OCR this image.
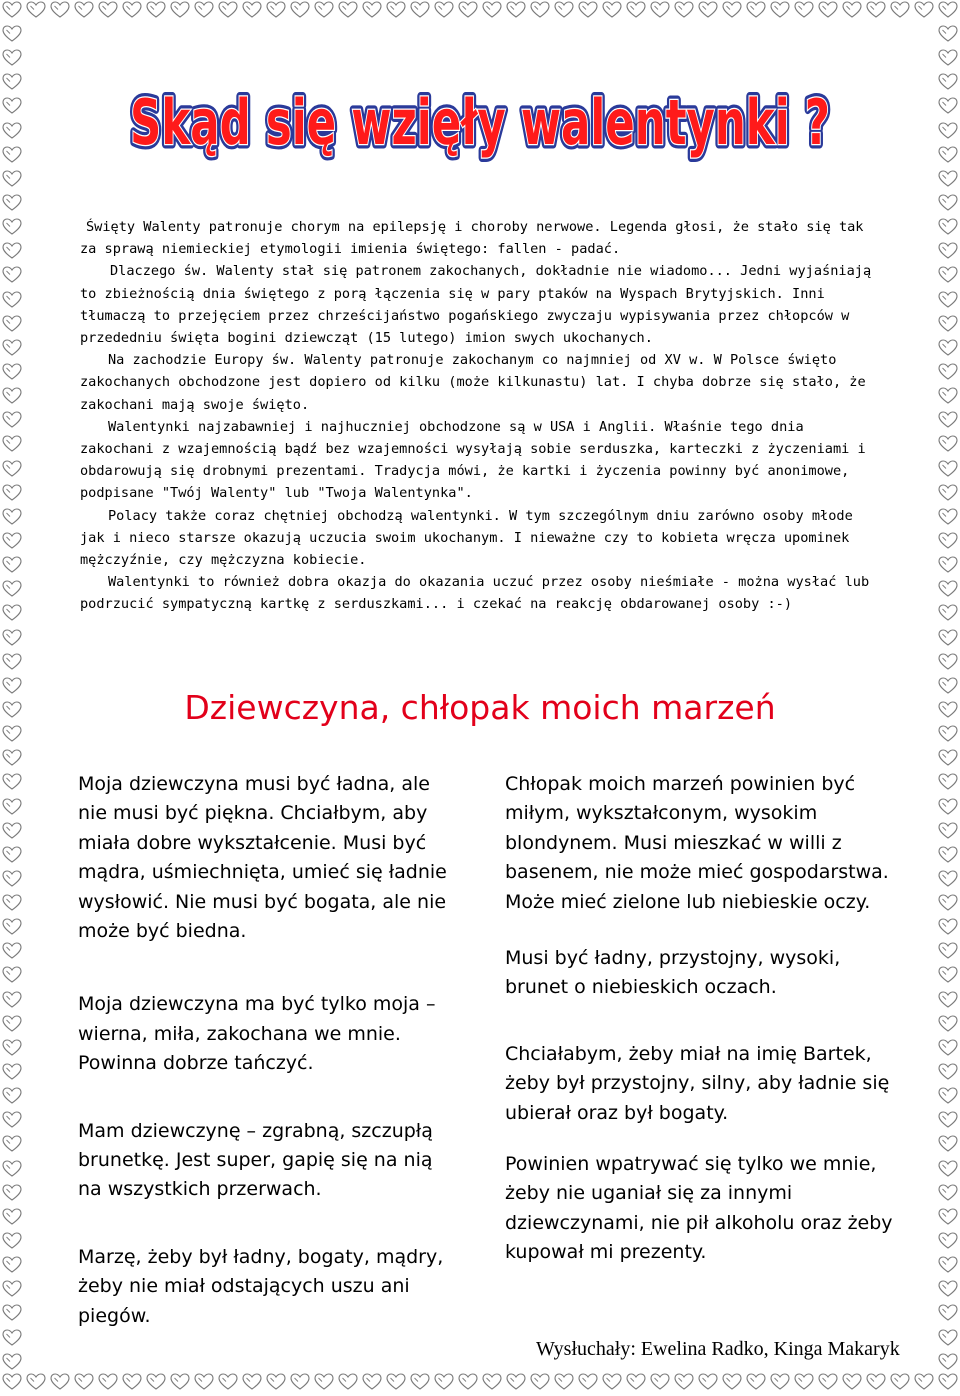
Skąd się wzięły walentynki ?
Skąd się wzięły walentynki ?

Święty Walenty patronuje chorym na epilepsję i choroby nerwowe. Legenda głosi, że stało się tak za sprawą niemieckiej etymologii imienia świętego: fallen - padać.

Dlaczego św. Walenty stał się patronem zakochanych, dokładnie nie wiadomo... Jedni wyjaśniają to zbieżnością dnia świętego z porą łączenia się w pary ptaków na Wyspach Brytyjskich. Inni tłumaczą to przejęciem przez chrześcijaństwo pogańskiego zwyczaju wypisywania przez chłopców w przededniu święta bogini dziewcząt (15 lutego) imion swych ukochanych.

Na zachodzie Europy św. Walenty patronuje zakochanym co najmniej od XV w. W Polsce święto zakochanych obchodzone jest dopiero od kilku (może kilkunastu) lat. I chyba dobrze się stało, że zakochani mają swoje święto.

Walentynki najzabawniej i najhuczniej obchodzone są w USA i Anglii. Właśnie tego dnia zakochani z wzajemnością bądź bez wzajemności wysyłają sobie serduszka, karteczki z życzeniami i obdarowują się drobnymi prezentami. Tradycja mówi, że kartki i życzenia powinny być anonimowe, podpisane "Twój Walenty" lub "Twoja Walentynka".

Polacy także coraz chętniej obchodzą walentynki. W tym szczególnym dniu zarówno osoby młode jak i nieco starsze okazują uczucia swoim ukochanym. I nieważne czy to kobieta wręcza upominek mężczyźnie, czy mężczyzna kobiecie.

Walentynki to również dobra okazja do okazania uczuć przez osoby nieśmiałe - można wysłać lub podrzucić sympatyczną kartkę z serduszkami... i czekać na reakcję obdarowanej osoby :-)

Dziewczyna, chłopak moich marzeń

Moja dziewczyna musi być ładna, ale nie musi być piękna. Chciałbym, aby miała dobre wykształcenie. Musi być mądra, uśmiechnięta, umieć się ładnie wysłowić. Nie musi być bogata, ale nie może być biedna.

Moja dziewczyna ma być tylko moja – wierna, miła, zakochana we mnie. Powinna dobrze tańczyć.

Mam dziewczynę – zgrabną, szczupłą brunetkę. Jest super, gapię się na nią na wszystkich przerwach.

Marzę, żeby był ładny, bogaty, mądry, żeby nie miał odstających uszu ani piegów.

Chłopak moich marzeń powinien być miłym, wykształconym, wysokim blondynem. Musi mieszkać w willi z basenem, nie może mieć gospodarstwa. Może mieć zielone lub niebieskie oczy.

Musi być ładny, przystojny, wysoki, brunet o niebieskich oczach.

Chciałabym, żeby miał na imię Bartek, żeby był przystojny, silny, aby ładnie się ubierał oraz był bogaty.

Powinien wpatrywać się tylko we mnie, żeby nie uganiał się za innymi dziewczynami, nie pił alkoholu oraz żeby kupował mi prezenty.

Wysłuchały: Ewelina Radko, Kinga Makaryk
